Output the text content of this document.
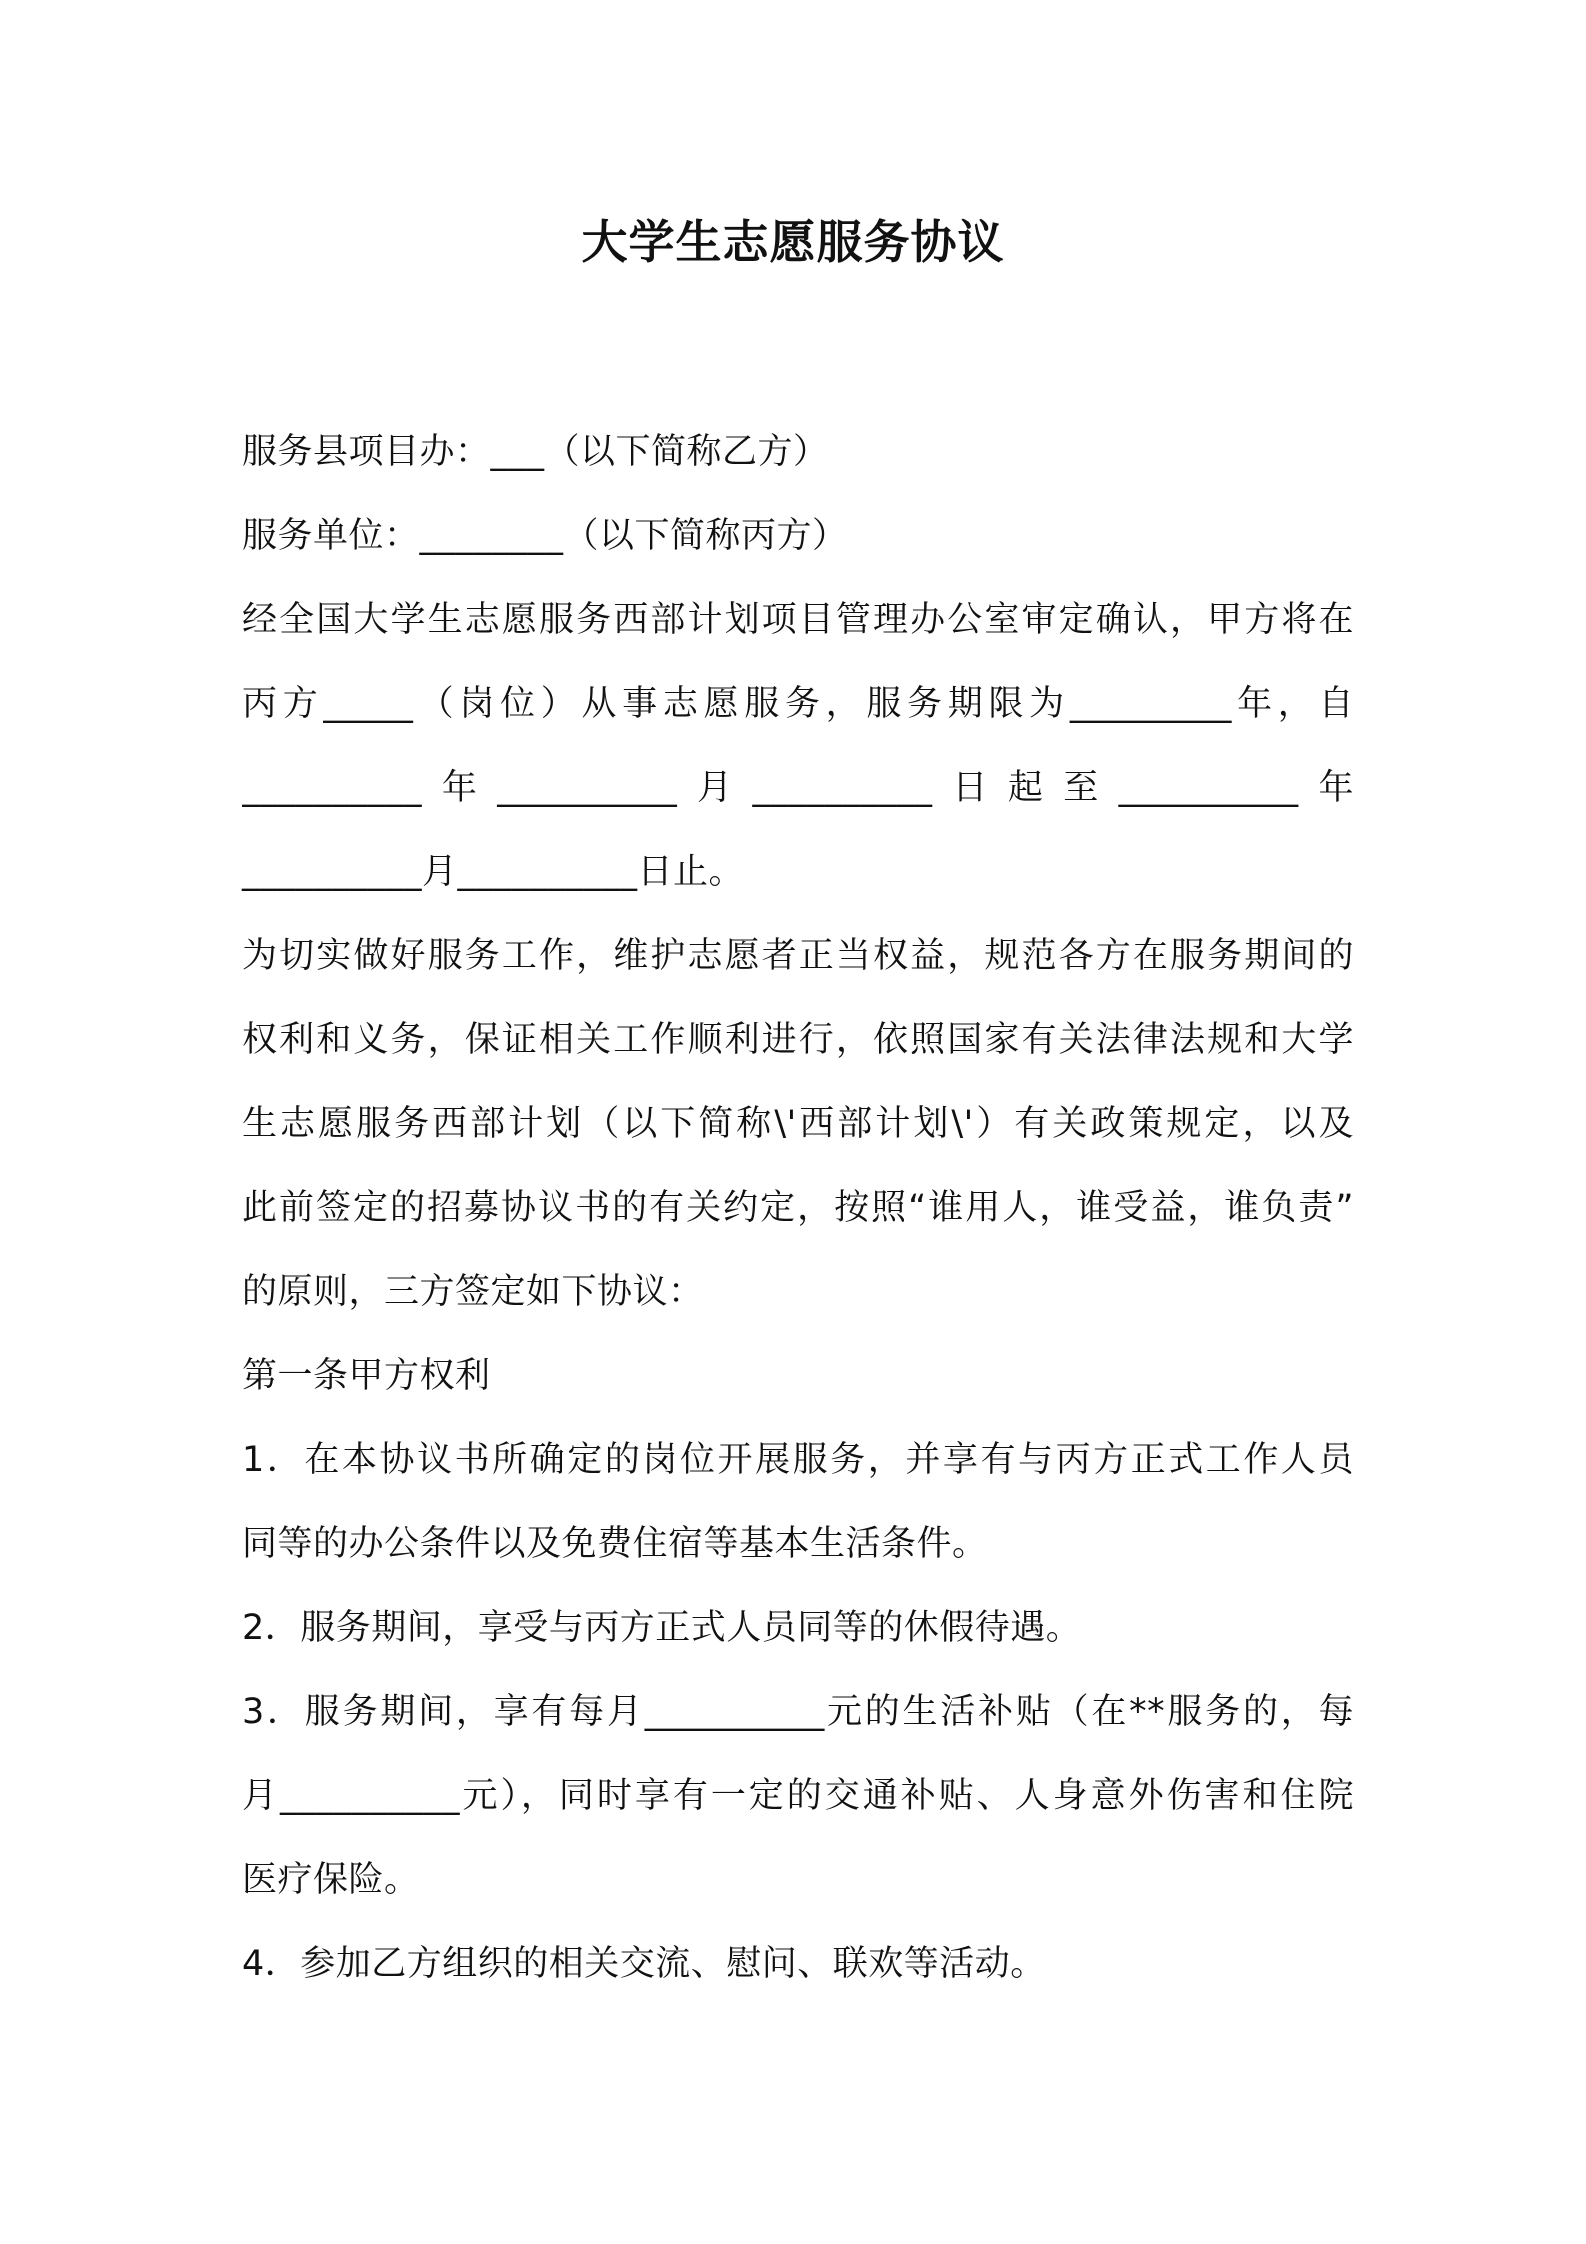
大学生志愿服务协议
服务县项目办：___（以下简称乙方）
服务单位：________（以下简称丙方）
经全国大学生志愿服务西部计划项目管理办公室审定确认，甲方将在
丙方_____（岗位）从事志愿服务，服务期限为_________年，自
__________年__________月__________日起至__________年
__________月__________日止。
为切实做好服务工作，维护志愿者正当权益，规范各方在服务期间的
权利和义务，保证相关工作顺利进行，依照国家有关法律法规和大学
生志愿服务西部计划（以下简称\'西部计划\'）有关政策规定，以及
此前签定的招募协议书的有关约定，按照“谁用人，谁受益，谁负责”
的原则，三方签定如下协议：
第一条甲方权利
1．在本协议书所确定的岗位开展服务，并享有与丙方正式工作人员
同等的办公条件以及免费住宿等基本生活条件。
2．服务期间，享受与丙方正式人员同等的休假待遇。
3．服务期间，享有每月__________元的生活补贴（在**服务的，每
月__________元），同时享有一定的交通补贴、人身意外伤害和住院
医疗保险。
4．参加乙方组织的相关交流、慰问、联欢等活动。
